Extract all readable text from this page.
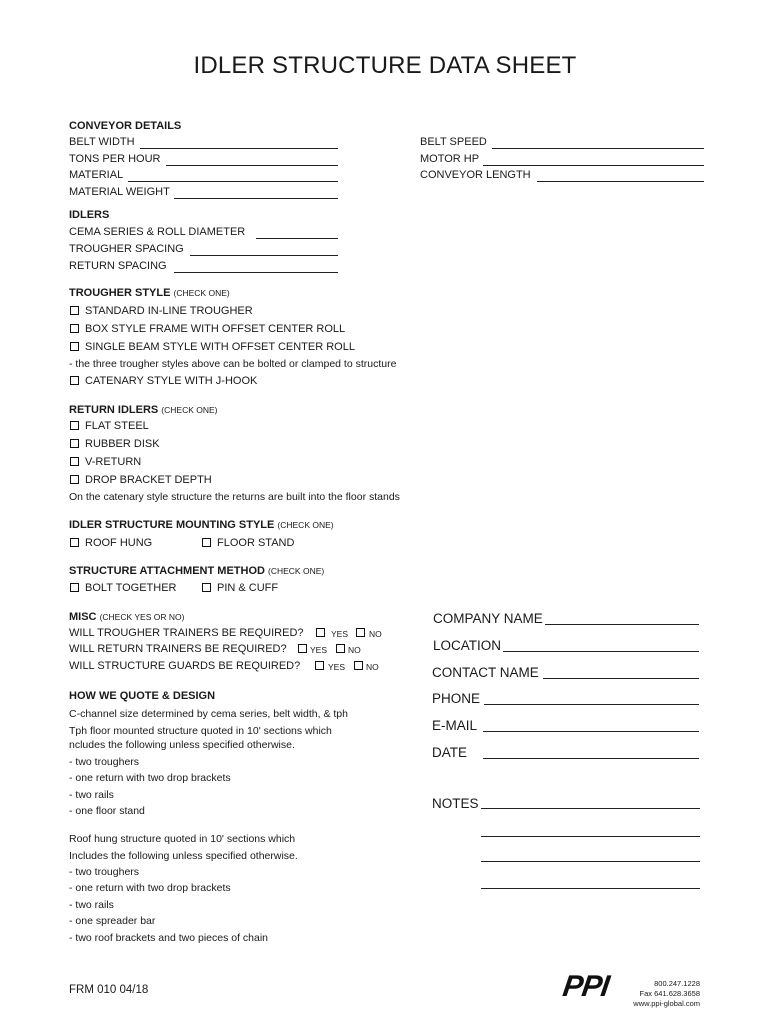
IDLER STRUCTURE DATA SHEET
CONVEYOR DETAILS
BELT WIDTH
TONS PER HOUR
MATERIAL
MATERIAL WEIGHT
BELT SPEED
MOTOR HP
CONVEYOR LENGTH
IDLERS
CEMA SERIES & ROLL DIAMETER
TROUGHER SPACING
RETURN SPACING
TROUGHER STYLE (CHECK ONE)
STANDARD IN-LINE TROUGHER
BOX STYLE FRAME WITH OFFSET CENTER ROLL
SINGLE BEAM STYLE WITH OFFSET CENTER ROLL
- the three trougher styles above can be bolted or clamped to structure
CATENARY STYLE WITH J-HOOK
RETURN IDLERS (CHECK ONE)
FLAT STEEL
RUBBER DISK
V-RETURN
DROP BRACKET DEPTH
On the catenary style structure the returns are built into the floor stands
IDLER STRUCTURE MOUNTING STYLE (CHECK ONE)
ROOF HUNG	FLOOR STAND
STRUCTURE ATTACHMENT METHOD (CHECK ONE)
BOLT TOGETHER	PIN & CUFF
MISC (CHECK YES OR NO)
WILL TROUGHER TRAINERS BE REQUIRED?	YES NO
WILL RETURN TRAINERS BE REQUIRED?	YES NO
WILL STRUCTURE GUARDS BE REQUIRED?	YES NO
HOW WE QUOTE & DESIGN
C-channel size determined by cema series, belt width, & tph
Tph floor mounted structure quoted in 10' sections which
ncludes the following unless specified otherwise.
- two troughers
- one return with two drop brackets
- two rails
- one floor stand
Roof hung structure quoted in 10' sections which
Includes the following unless specified otherwise.
- two troughers
- one return with two drop brackets
- two rails
- one spreader bar
- two roof brackets and two pieces of chain
COMPANY NAME
LOCATION
CONTACT NAME
PHONE
E-MAIL
DATE
NOTES
FRM 010 04/18	PPI	800.247.1228
Fax 641.628.3658
www.ppi-global.com
